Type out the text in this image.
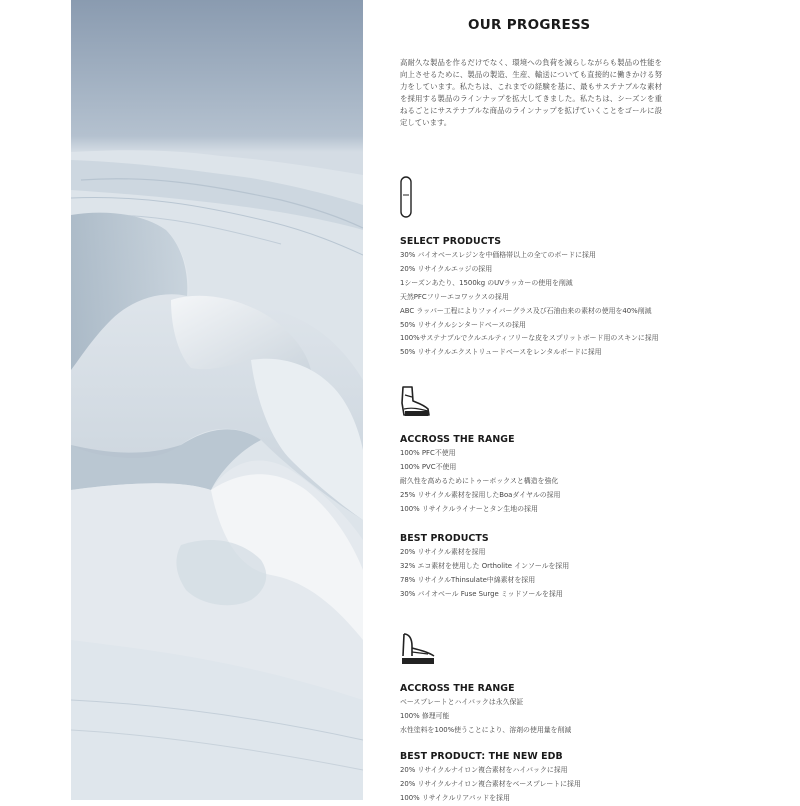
OUR PROGRESS

高耐久な製品を作るだけでなく、環境への負荷を減らしながらも製品の性能を向上させるために、製品の製造、生産、輸送についても直接的に働きかける努力をしています。私たちは、これまでの経験を基に、最もサステナブルな素材を採用する製品のラインナップを拡大してきました。私たちは、シーズンを重ねるごとにサステナブルな商品のラインナップを拡げていくことをゴールに設定しています。

SELECT PRODUCTS
30% バイオベースレジンを中価格帯以上の全てのボードに採用
20% リサイクルエッジの採用
1シーズンあたり、1500kg のUVラッカーの使用を削減
天然PFCフリーエコワックスの採用
ABC ラッパー工程によりファイバーグラス及び石油由来の素材の使用を40%削減
50% リサイクルシンタードベースの採用
100%サステナブルでクルエルティフリーな皮をスプリットボード用のスキンに採用
50% リサイクルエクストリュードベースをレンタルボードに採用
ACCROSS THE RANGE
100% PFC不使用
100% PVC不使用
耐久性を高めるためにトゥーボックスと構造を強化
25% リサイクル素材を採用したBoaダイヤルの採用
100% リサイクルライナーとタン生地の採用
BEST PRODUCTS
20% リサイクル素材を採用
32% エコ素材を使用した Ortholite インソールを採用
78% リサイクルThinsulate中綿素材を採用
30% バイオベール Fuse Surge ミッドソールを採用
ACCROSS THE RANGE
ベースプレートとハイバックは永久保証
100% 修理可能
水性塗料を100%使うことにより、溶剤の使用量を削減
BEST PRODUCT: THE NEW EDB
20% リサイクルナイロン複合素材をハイバックに採用
20% リサイクルナイロン複合素材をベースプレートに採用
100% リサイクルリアパッドを採用
